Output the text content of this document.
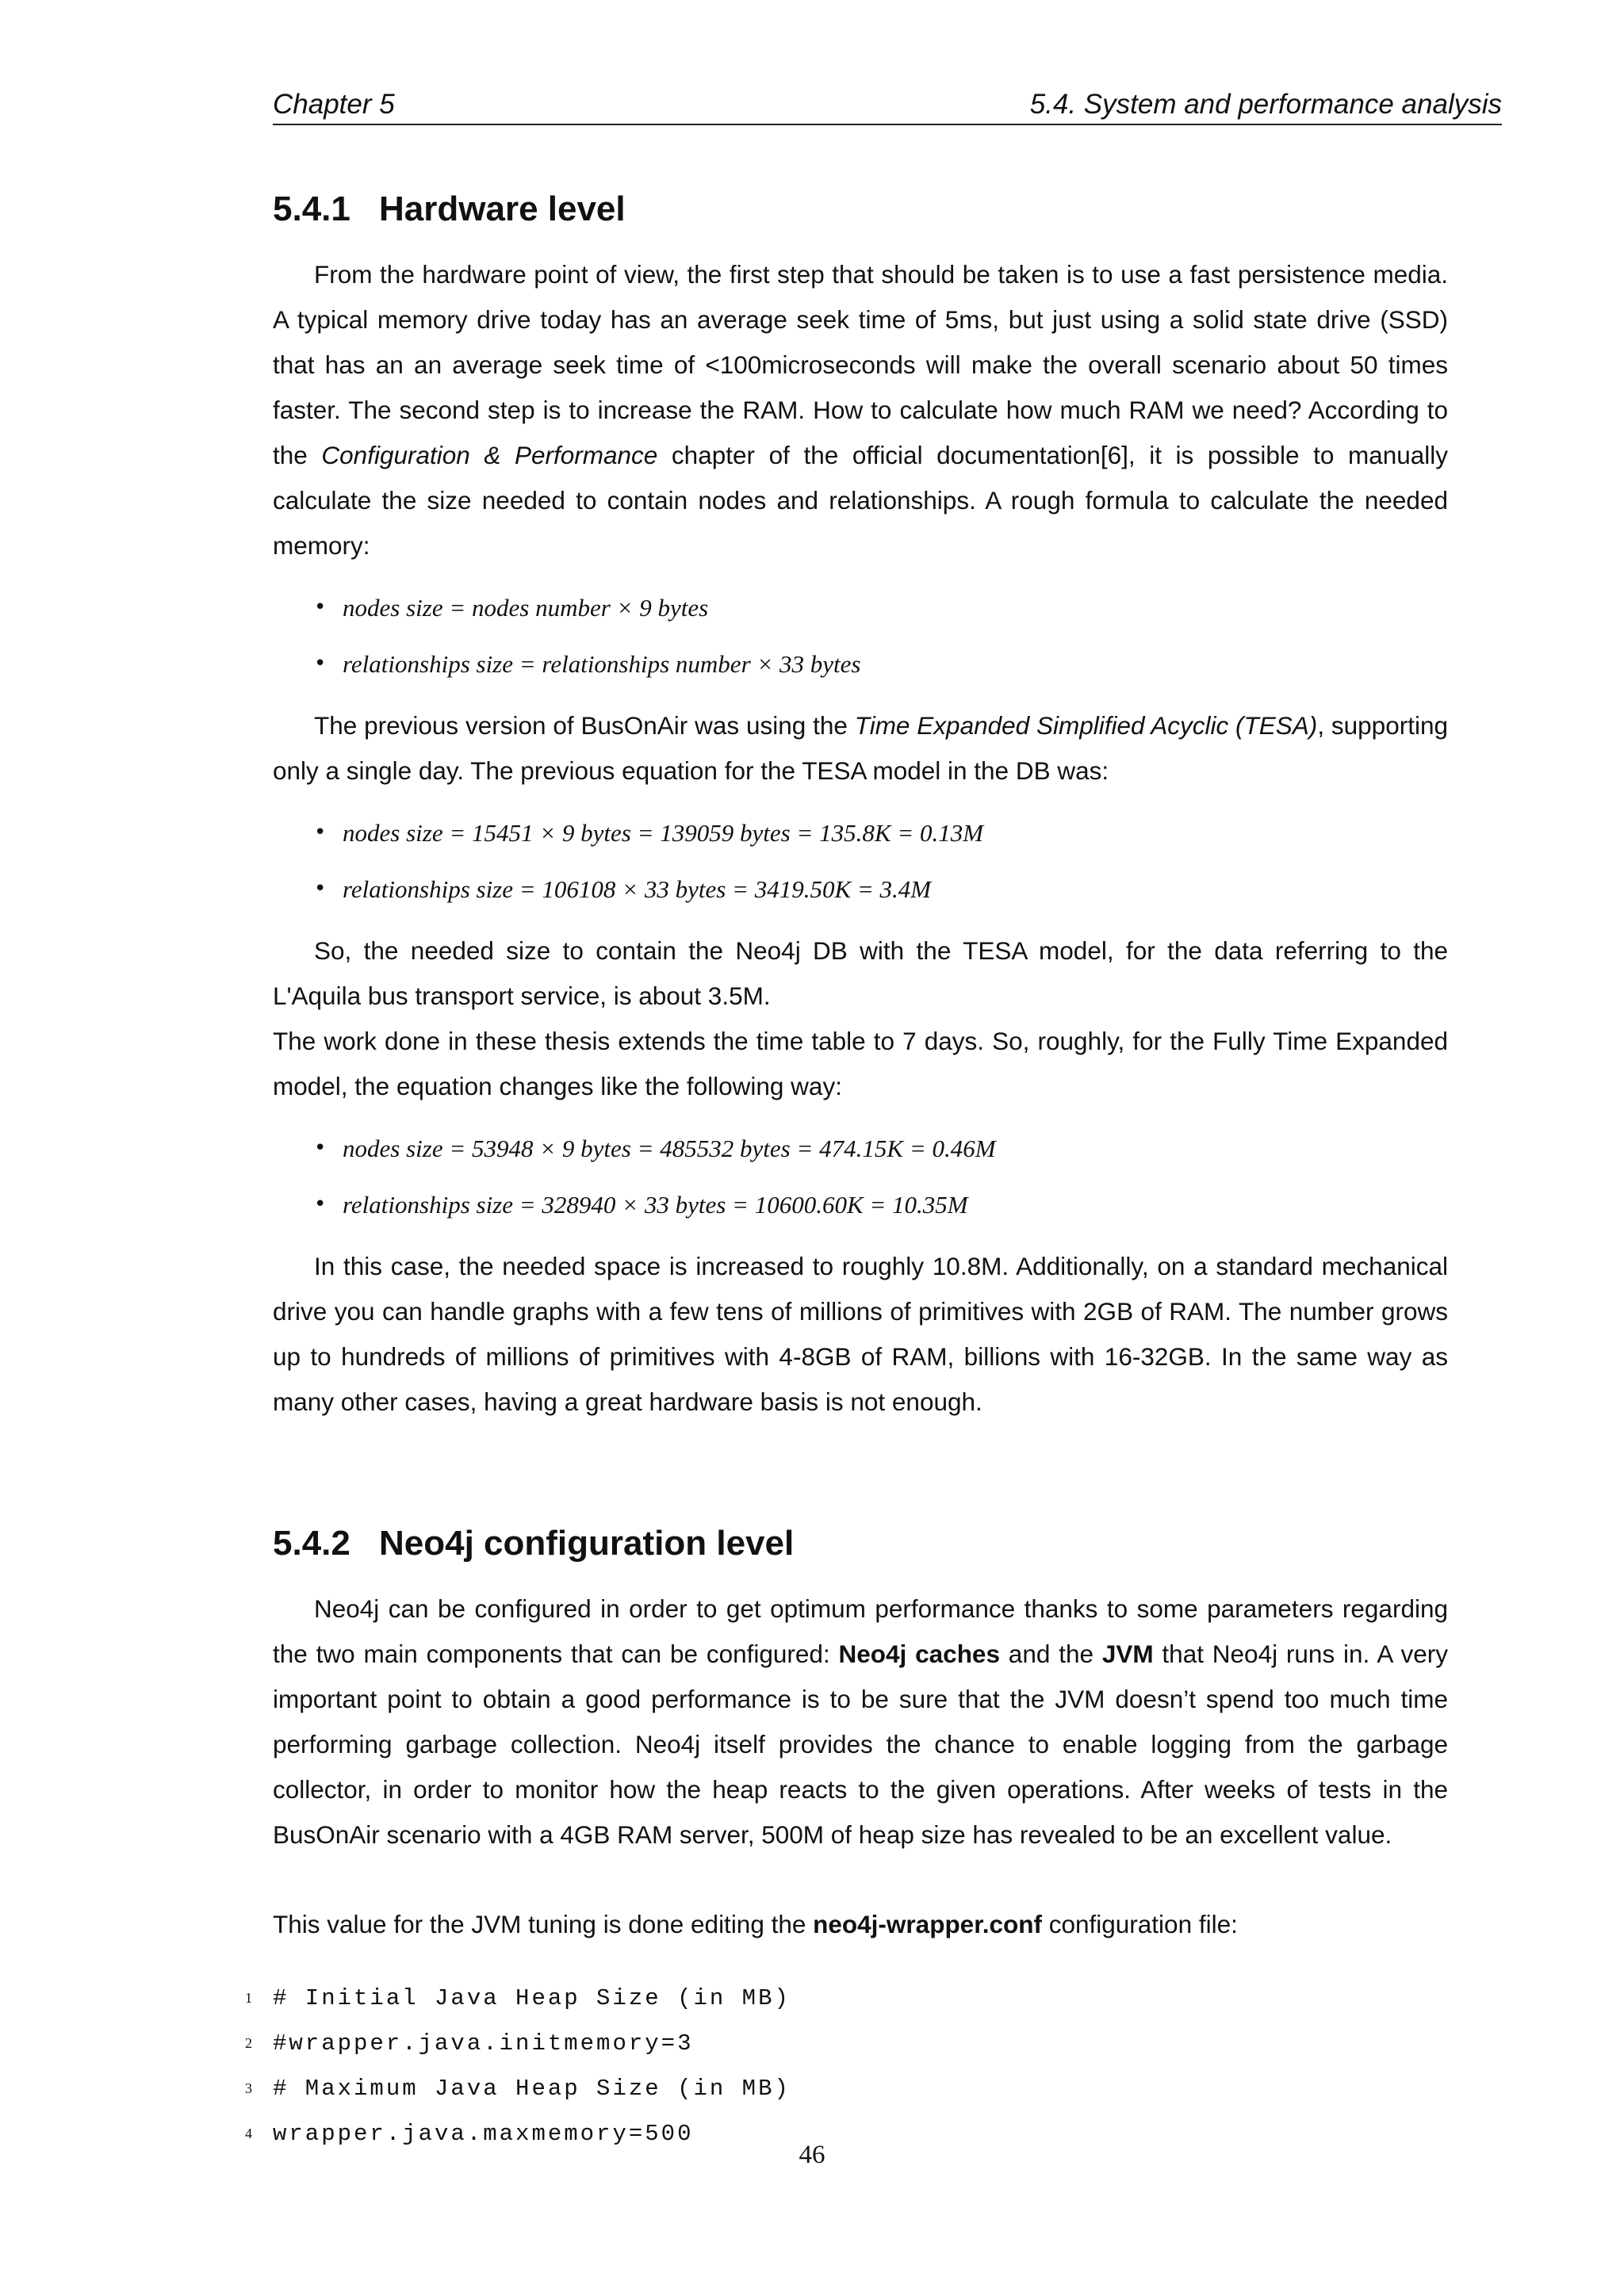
Chapter 5	5.4. System and performance analysis
5.4.1 Hardware level

From the hardware point of view, the first step that should be taken is to use a fast persistence media. A typical memory drive today has an average seek time of 5ms, but just using a solid state drive (SSD) that has an an average seek time of <100microseconds will make the overall scenario about 50 times faster. The second step is to increase the RAM. How to calculate how much RAM we need? According to the Configuration & Performance chapter of the official documentation[6], it is possible to manually calculate the size needed to contain nodes and relationships. A rough formula to calculate the needed memory:

• nodes size = nodes number × 9 bytes
• relationships size = relationships number × 33 bytes

The previous version of BusOnAir was using the Time Expanded Simplified Acyclic (TESA), supporting only a single day. The previous equation for the TESA model in the DB was:

• nodes size = 15451 × 9 bytes = 139059 bytes = 135.8K = 0.13M
• relationships size = 106108 × 33 bytes = 3419.50K = 3.4M

So, the needed size to contain the Neo4j DB with the TESA model, for the data referring to the L'Aquila bus transport service, is about 3.5M.

The work done in these thesis extends the time table to 7 days. So, roughly, for the Fully Time Expanded model, the equation changes like the following way:

• nodes size = 53948 × 9 bytes = 485532 bytes = 474.15K = 0.46M
• relationships size = 328940 × 33 bytes = 10600.60K = 10.35M

In this case, the needed space is increased to roughly 10.8M. Additionally, on a standard mechanical drive you can handle graphs with a few tens of millions of primitives with 2GB of RAM. The number grows up to hundreds of millions of primitives with 4-8GB of RAM, billions with 16-32GB. In the same way as many other cases, having a great hardware basis is not enough.

5.4.2 Neo4j configuration level

Neo4j can be configured in order to get optimum performance thanks to some parameters regarding the two main components that can be configured: Neo4j caches and the JVM that Neo4j runs in. A very important point to obtain a good performance is to be sure that the JVM doesn’t spend too much time performing garbage collection. Neo4j itself provides the chance to enable logging from the garbage collector, in order to monitor how the heap reacts to the given operations. After weeks of tests in the BusOnAir scenario with a 4GB RAM server, 500M of heap size has revealed to be an excellent value.

This value for the JVM tuning is done editing the neo4j-wrapper.conf configuration file:

1 # Initial Java Heap Size (in MB)
2 #wrapper.java.initmemory=3
3 # Maximum Java Heap Size (in MB)
4 wrapper.java.maxmemory=500
46
